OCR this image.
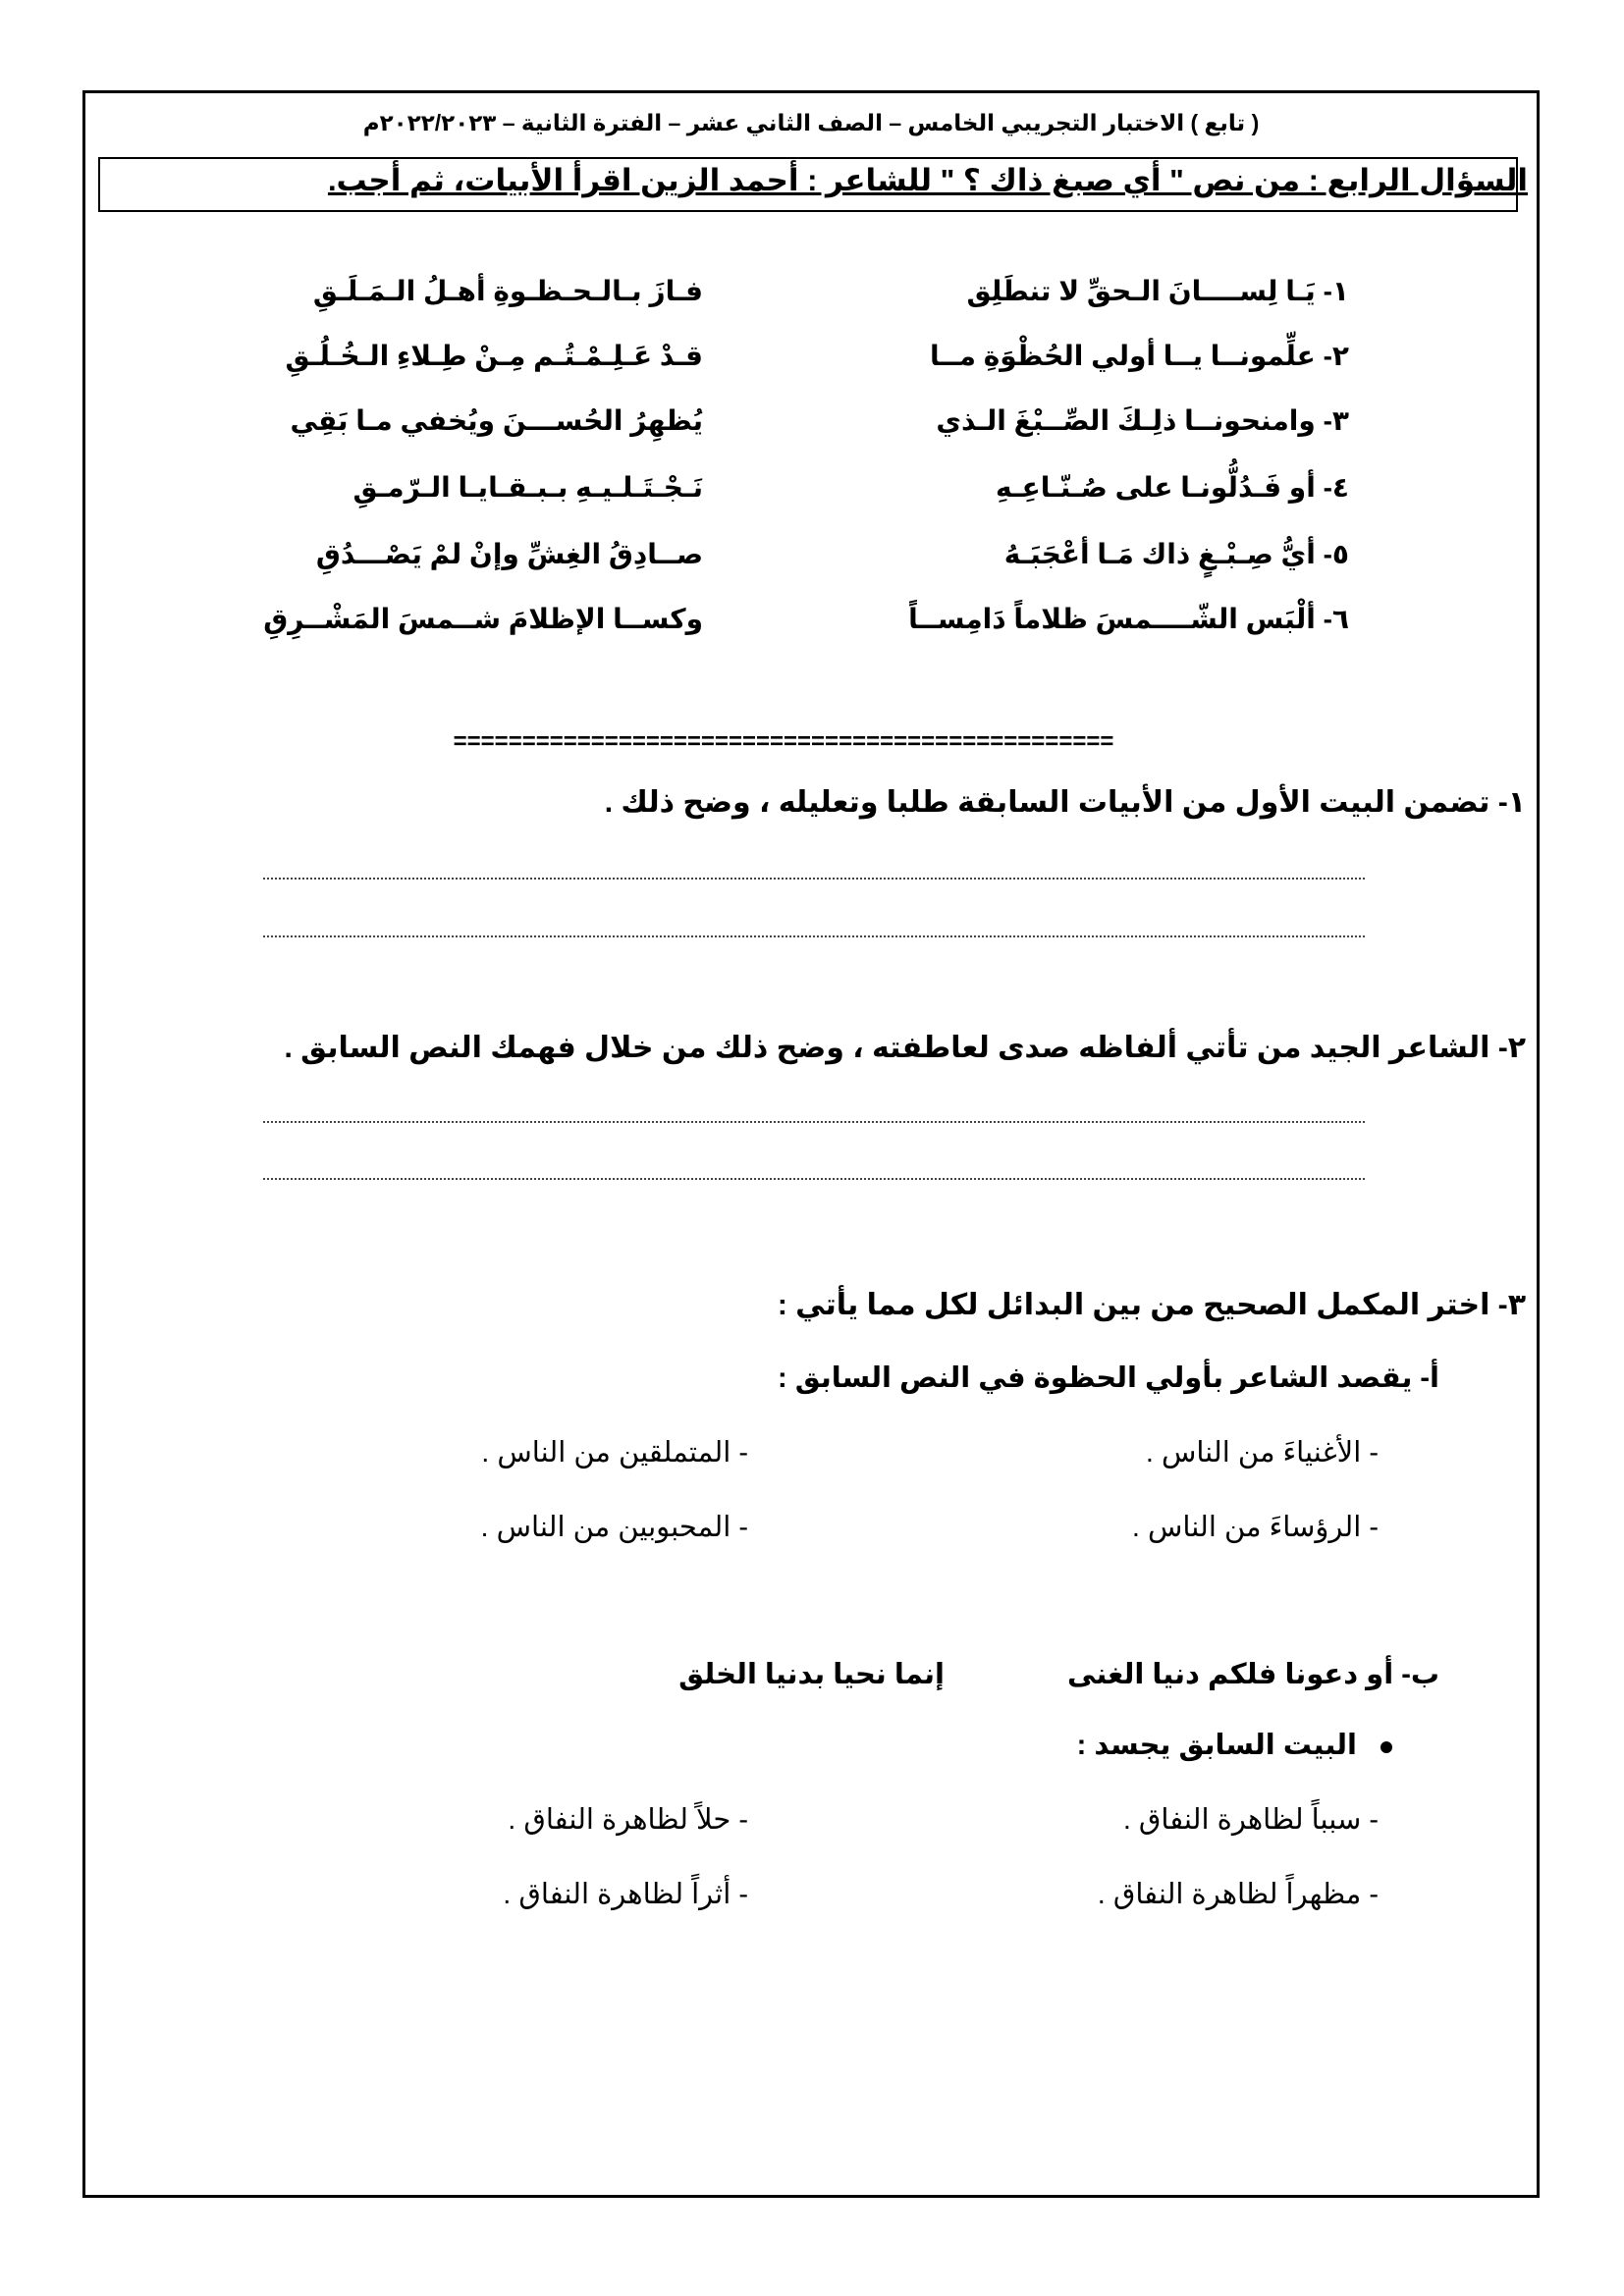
( تابع ) الاختبار التجريبي الخامس – الصف الثاني عشر – الفترة الثانية – ٢٠٢٢/٢٠٢٣م
السؤال الرابع : من نص " أي صبغ ذاك ؟ " للشاعر : أحمد الزين اقرأ الأبيات، ثم أجب.
١- يَـا لِســــانَ الـحقِّ لا تنطَلِق
فـازَ بـالـحـظـوةِ أهـلُ الـمَـلَـقِ
٢- علِّمونــا يــا أولي الحُظْوَةِ مــا
قـدْ عَـلِـمْـتُـم مِـنْ طِـلاءِ الـخُـلُـقِ
٣- وامنحونــا ذلِـكَ الصِّــبْغَ الـذي
يُظهِرُ الحُســـنَ ويُخفي مـا بَقِي
٤- أو فَـدُلُّونـا على صُـنّـاعِـهِ
نَـجْـتَـلـيـهِ بـبـقـايـا الـرّمـقِ
٥- أيُّ صِـبْـغٍ ذاك مَـا أعْجَبَـهُ
صــادِقُ الغِشِّ وإنْ لمْ يَصْـــدُقِ
٦- ألْبَس الشّــــمسَ ظلاماً دَامِســاً
وكســا الإظلامَ شــمسَ المَشْــرِقِ
================================================
١- تضمن البيت الأول من الأبيات السابقة طلبا وتعليله ، وضح ذلك .
٢- الشاعر الجيد من تأتي ألفاظه صدى لعاطفته ، وضح ذلك من خلال فهمك النص السابق .
٣- اختر المكمل الصحيح من بين البدائل لكل مما يأتي :
أ- يقصد الشاعر بأولي الحظوة في النص السابق :
- الأغنياءَ من الناس .
- المتملقين من الناس .
- الرؤساءَ من الناس .
- المحبوبين من الناس .
ب- أو دعونا فلكم دنيا الغنى
إنما نحيا بدنيا الخلق
البيت السابق يجسد :
- سبباً لظاهرة النفاق .
- حلاً لظاهرة النفاق .
- مظهراً لظاهرة النفاق .
- أثراً لظاهرة النفاق .
